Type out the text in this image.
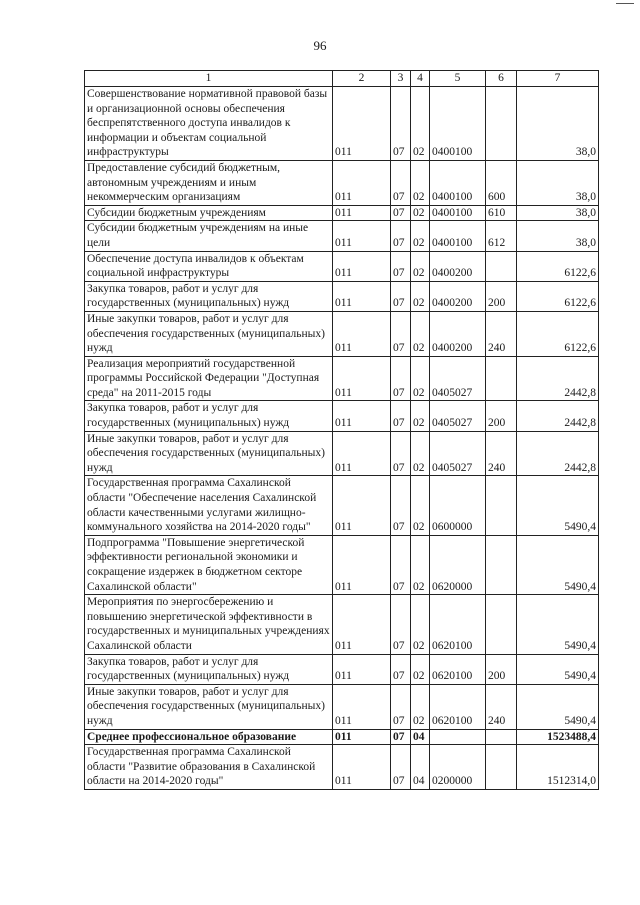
96
1	2	3	4	5	6	7
Совершенствование нормативной правовой базы и организационной основы обеспечения беспрепятственного доступа инвалидов к информации и объектам социальной инфраструктуры	011	07	02	0400100		38,0
Предоставление субсидий бюджетным, автономным учреждениям и иным некоммерческим организациям	011	07	02	0400100	600	38,0
Субсидии бюджетным учреждениям	011	07	02	0400100	610	38,0
Субсидии бюджетным учреждениям на иные цели	011	07	02	0400100	612	38,0
Обеспечение доступа инвалидов к объектам социальной инфраструктуры	011	07	02	0400200		6122,6
Закупка товаров, работ и услуг для государственных (муниципальных) нужд	011	07	02	0400200	200	6122,6
Иные закупки товаров, работ и услуг для обеспечения государственных (муниципальных) нужд	011	07	02	0400200	240	6122,6
Реализация мероприятий государственной программы Российской Федерации "Доступная среда" на 2011-2015 годы	011	07	02	0405027		2442,8
Закупка товаров, работ и услуг для государственных (муниципальных) нужд	011	07	02	0405027	200	2442,8
Иные закупки товаров, работ и услуг для обеспечения государственных (муниципальных) нужд	011	07	02	0405027	240	2442,8
Государственная программа Сахалинской области "Обеспечение населения Сахалинской области качественными услугами жилищно-коммунального хозяйства на 2014-2020 годы"	011	07	02	0600000		5490,4
Подпрограмма "Повышение энергетической эффективности региональной экономики и сокращение издержек в бюджетном секторе Сахалинской области"	011	07	02	0620000		5490,4
Мероприятия по энергосбережению и повышению энергетической эффективности в государственных и муниципальных учреждениях Сахалинской области	011	07	02	0620100		5490,4
Закупка товаров, работ и услуг для государственных (муниципальных) нужд	011	07	02	0620100	200	5490,4
Иные закупки товаров, работ и услуг для обеспечения государственных (муниципальных) нужд	011	07	02	0620100	240	5490,4
Среднее профессиональное образование	011	07	04			1523488,4
Государственная программа Сахалинской области "Развитие образования в Сахалинской области на 2014-2020 годы"	011	07	04	0200000		1512314,0
